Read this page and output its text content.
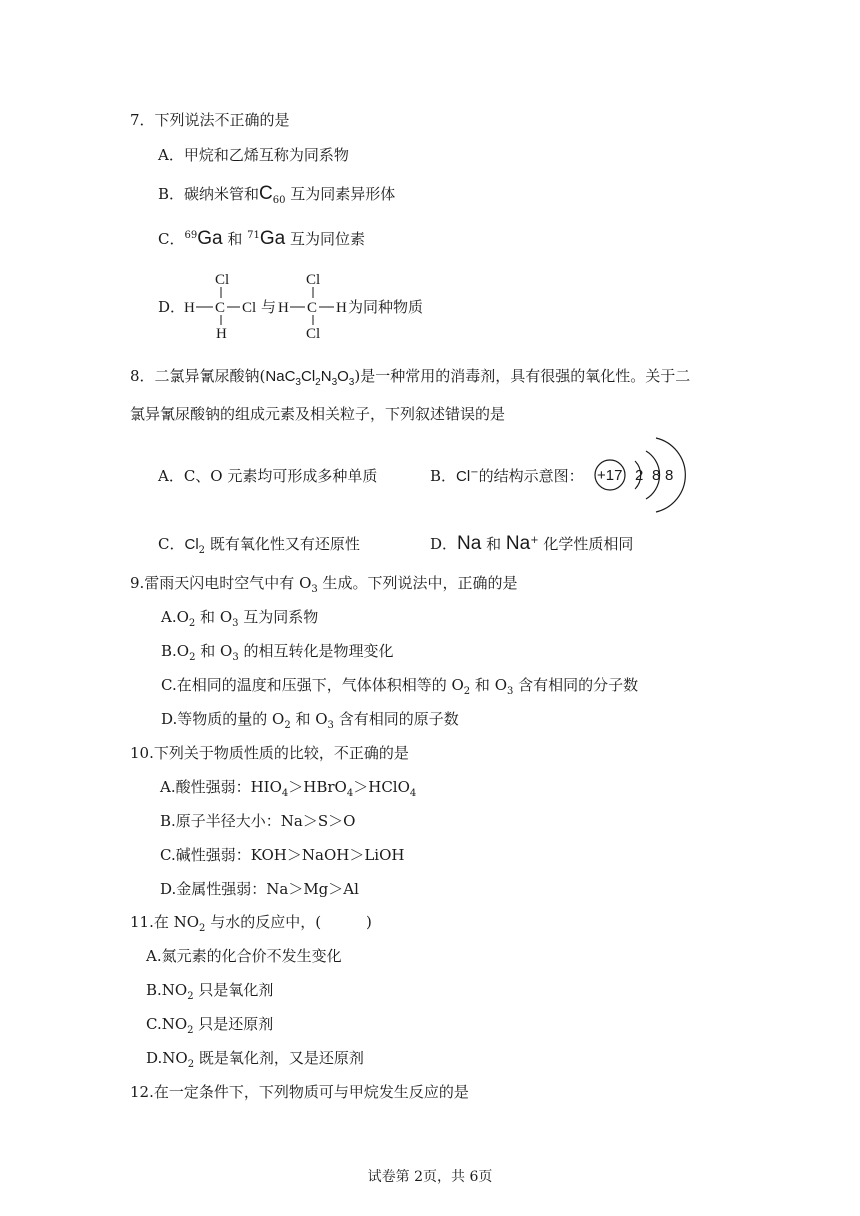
7．下列说法不正确的是
A．甲烷和乙烯互称为同系物
B．碳纳米管和$C_{60}$ 互为同素异形体
C．$^{69}$Ga 和 $^{71}$Ga 互为同位素
D．
Cl
H C Cl
H
与
Cl
H C H
Cl
为同种物质
8．二氯异氰尿酸钠$(NaC_3Cl_2N_3O_3)$是一种常用的消毒剂，具有很强的氧化性。关于二
氯异氰尿酸钠的组成元素及相关粒子，下列叙述错误的是
A．C、O 元素均可形成多种单质	B．Cl−的结构示意图： +17 2 8 8
C．$Cl_2$ 既有氧化性又有还原性	D．Na 和 Na+ 化学性质相同
9.雷雨天闪电时空气中有 $O_3$ 生成。下列说法中，正确的是
$A.O_2$ 和 $O_3$ 互为同系物
$B.O_2$ 和 $O_3$ 的相互转化是物理变化
C.在相同的温度和压强下，气体体积相等的 $O_2$ 和 $O_3$ 含有相同的分子数
D.等物质的量的 $O_2$ 和 $O_3$ 含有相同的原子数
10.下列关于物质性质的比较，不正确的是
A.酸性强弱：$HIO_4>HBrO_4>HClO_4$
B.原子半径大小：Na＞S＞O
C.碱性强弱：KOH＞NaOH＞LiOH
D.金属性强弱：Na＞Mg＞Al
11.在 $NO_2$ 与水的反应中，(　　　)
A.氮元素的化合价不发生变化
$B.NO_2$ 只是氧化剂
$C.NO_2$ 只是还原剂
$D.NO_2$ 既是氧化剂，又是还原剂
12.在一定条件下，下列物质可与甲烷发生反应的是
试卷第 2页，共 6页
